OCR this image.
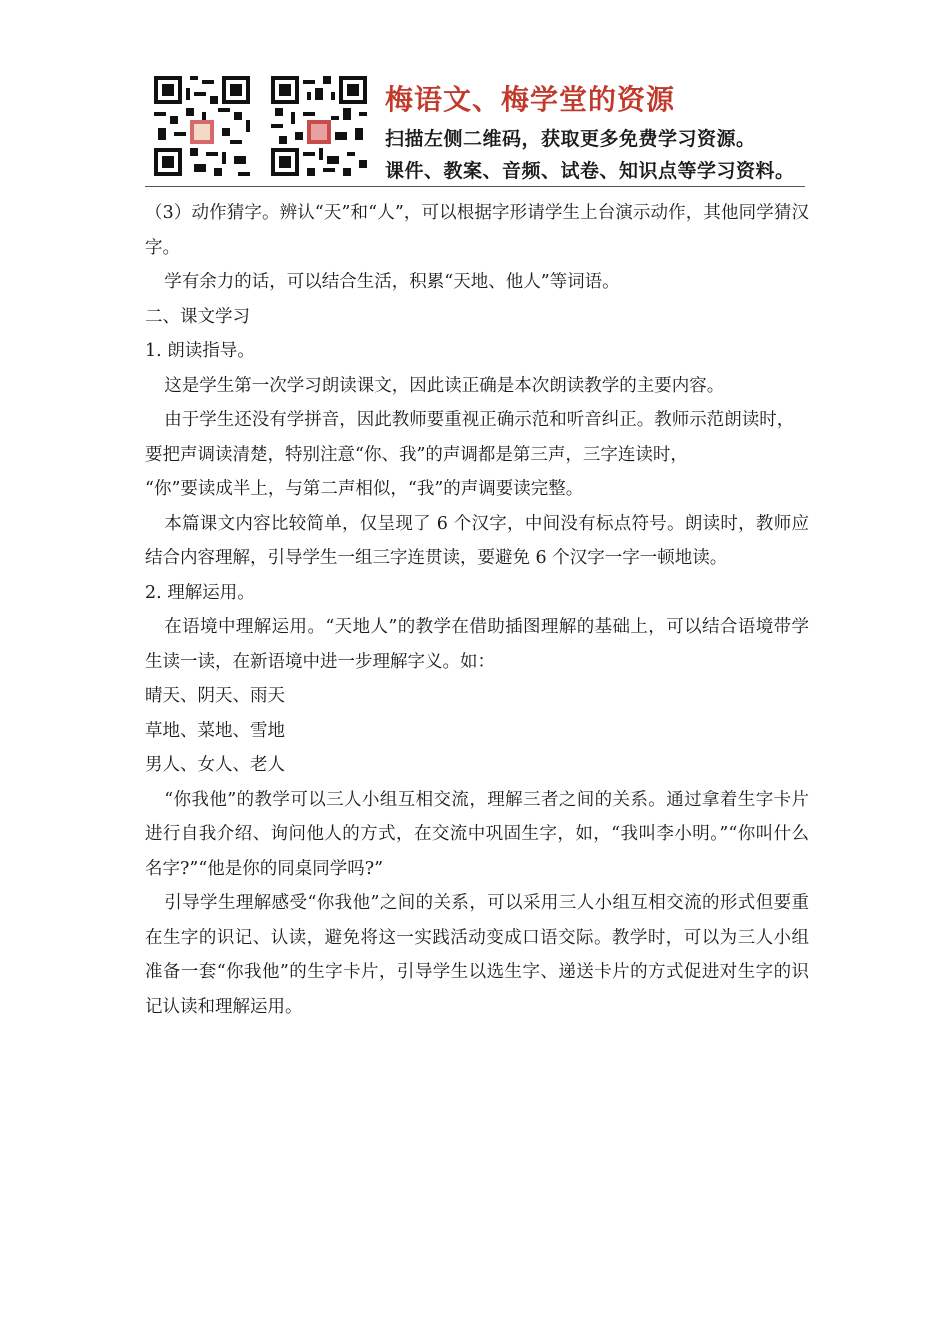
梅语文、梅学堂的资源
扫描左侧二维码，获取更多免费学习资源。
课件、教案、音频、试卷、知识点等学习资料。

（3）动作猜字。辨认“天”和“人”，可以根据字形请学生上台演示动作，其他同学猜汉字。

学有余力的话，可以结合生活，积累“天地、他人”等词语。

二、课文学习

1. 朗读指导。

这是学生第一次学习朗读课文，因此读正确是本次朗读教学的主要内容。

由于学生还没有学拼音，因此教师要重视正确示范和听音纠正。教师示范朗读时，要把声调读清楚，特别注意“你、我”的声调都是第三声，三字连读时，

“你”要读成半上，与第二声相似，“我”的声调要读完整。

本篇课文内容比较简单，仅呈现了 6 个汉字，中间没有标点符号。朗读时，教师应结合内容理解，引导学生一组三字连贯读，要避免 6 个汉字一字一顿地读。

2. 理解运用。

在语境中理解运用。“天地人”的教学在借助插图理解的基础上，可以结合语境带学生读一读，在新语境中进一步理解字义。如：

晴天、阴天、雨天

草地、菜地、雪地

男人、女人、老人

“你我他”的教学可以三人小组互相交流，理解三者之间的关系。通过拿着生字卡片进行自我介绍、询问他人的方式，在交流中巩固生字，如，“我叫李小明。”“你叫什么名字?”“他是你的同桌同学吗?”

引导学生理解感受“你我他”之间的关系，可以采用三人小组互相交流的形式但要重在生字的识记、认读，避免将这一实践活动变成口语交际。教学时，可以为三人小组准备一套“你我他”的生字卡片，引导学生以选生字、递送卡片的方式促进对生字的识记认读和理解运用。
